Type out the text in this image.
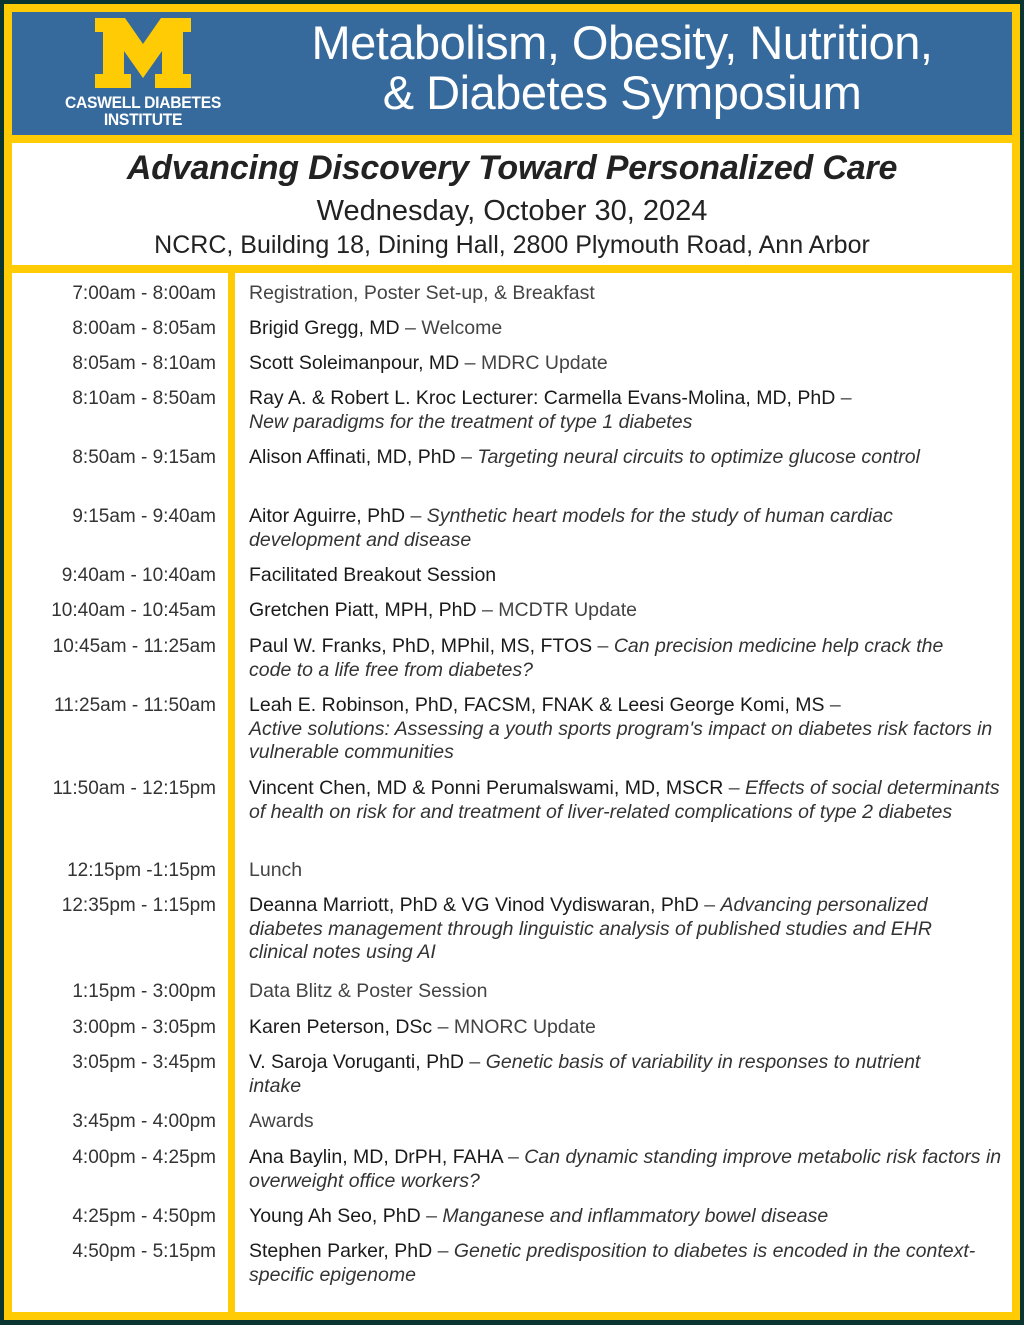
CASWELL DIABETES
INSTITUTE
Metabolism, Obesity, Nutrition,
& Diabetes Symposium
Advancing Discovery Toward Personalized Care
Wednesday, October 30, 2024
NCRC, Building 18, Dining Hall, 2800 Plymouth Road, Ann Arbor
7:00am - 8:00am
8:00am - 8:05am
8:05am - 8:10am
8:10am - 8:50am
8:50am - 9:15am
9:15am - 9:40am
9:40am - 10:40am
10:40am - 10:45am
10:45am - 11:25am
11:25am - 11:50am
11:50am - 12:15pm
12:15pm -1:15pm
12:35pm - 1:15pm
1:15pm - 3:00pm
3:00pm - 3:05pm
3:05pm - 3:45pm
3:45pm - 4:00pm
4:00pm - 4:25pm
4:25pm - 4:50pm
4:50pm - 5:15pm
Registration, Poster Set-up, & Breakfast
Brigid Gregg, MD – Welcome
Scott Soleimanpour, MD – MDRC Update
Ray A. & Robert L. Kroc Lecturer: Carmella Evans-Molina, MD, PhD –
New paradigms for the treatment of type 1 diabetes
Alison Affinati, MD, PhD – Targeting neural circuits to optimize glucose control
Aitor Aguirre, PhD – Synthetic heart models for the study of human cardiac development and disease
Facilitated Breakout Session
Gretchen Piatt, MPH, PhD – MCDTR Update
Paul W. Franks, PhD, MPhil, MS, FTOS – Can precision medicine help crack the code to a life free from diabetes?
Leah E. Robinson, PhD, FACSM, FNAK & Leesi George Komi, MS –
Active solutions: Assessing a youth sports program's impact on diabetes risk factors in vulnerable communities
Vincent Chen, MD & Ponni Perumalswami, MD, MSCR – Effects of social determinants of health on risk for and treatment of liver-related complications of type 2 diabetes
Lunch
Deanna Marriott, PhD & VG Vinod Vydiswaran, PhD – Advancing personalized diabetes management through linguistic analysis of published studies and EHR clinical notes using AI
Data Blitz & Poster Session
Karen Peterson, DSc – MNORC Update
V. Saroja Voruganti, PhD – Genetic basis of variability in responses to nutrient intake
Awards
Ana Baylin, MD, DrPH, FAHA – Can dynamic standing improve metabolic risk factors in overweight office workers?
Young Ah Seo, PhD – Manganese and inflammatory bowel disease
Stephen Parker, PhD – Genetic predisposition to diabetes is encoded in the context-specific epigenome
